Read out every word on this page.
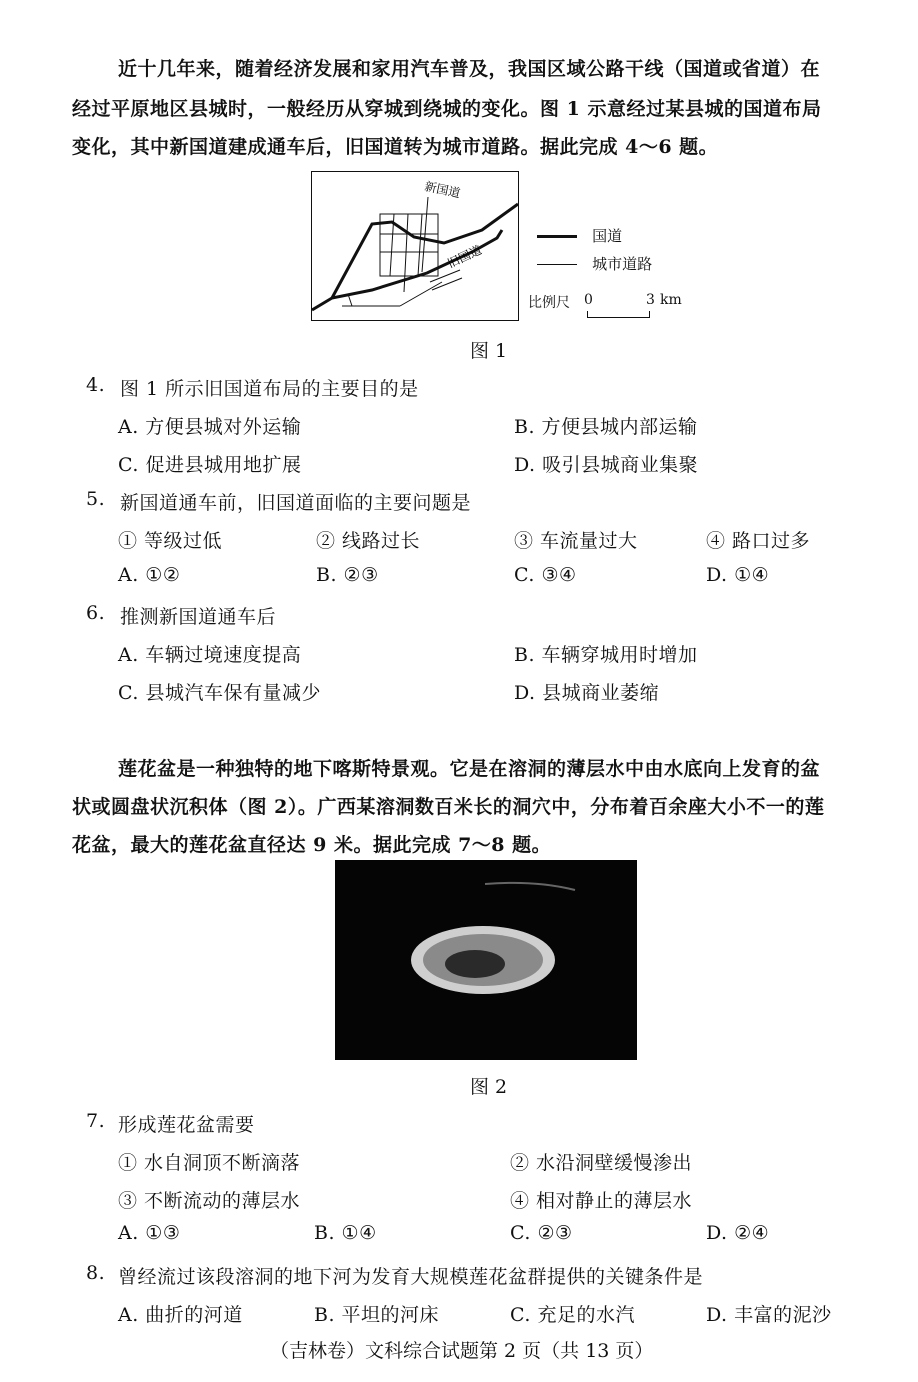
近十几年来，随着经济发展和家用汽车普及，我国区域公路干线（国道或省道）在
经过平原地区县城时，一般经历从穿城到绕城的变化。图 1 示意经过某县城的国道布局
变化，其中新国道建成通车后，旧国道转为城市道路。据此完成 4～6 题。
新国道
旧国道
国道
城市道路
比例尺 0	3 km
图 1
4. 图 1 所示旧国道布局的主要目的是
A. 方便县城对外运输	B. 方便县城内部运输
C. 促进县城用地扩展	D. 吸引县城商业集聚
5. 新国道通车前，旧国道面临的主要问题是
① 等级过低	② 线路过长	③ 车流量过大	④ 路口过多
A. ①②	B. ②③	C. ③④	D. ①④
6. 推测新国道通车后
A. 车辆过境速度提高	B. 车辆穿城用时增加
C. 县城汽车保有量减少	D. 县城商业萎缩
莲花盆是一种独特的地下喀斯特景观。它是在溶洞的薄层水中由水底向上发育的盆
状或圆盘状沉积体（图 2）。广西某溶洞数百米长的洞穴中，分布着百余座大小不一的莲
花盆，最大的莲花盆直径达 9 米。据此完成 7～8 题。
图 2
7. 形成莲花盆需要
① 水自洞顶不断滴落	② 水沿洞壁缓慢渗出
③ 不断流动的薄层水	④ 相对静止的薄层水
A. ①③	B. ①④	C. ②③	D. ②④
8. 曾经流过该段溶洞的地下河为发育大规模莲花盆群提供的关键条件是
A. 曲折的河道	B. 平坦的河床	C. 充足的水汽	D. 丰富的泥沙
（吉林卷）文科综合试题第 2 页（共 13 页）
